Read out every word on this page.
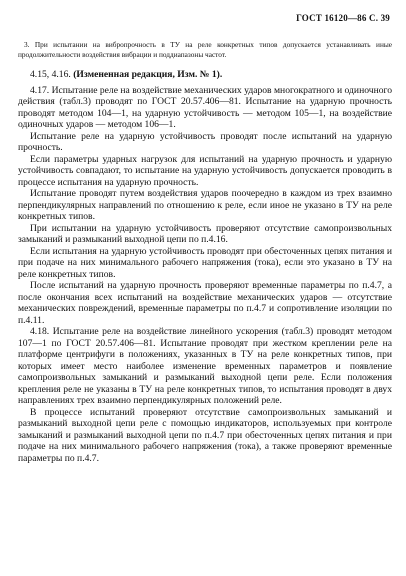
ГОСТ 16120—86 С. 39

3. При испытании на вибропрочность в ТУ на реле конкретных типов допускается устанавливать иные продолжительности воздействия вибрации и поддиапазоны частот.

4.15, 4.16. (Измененная редакция, Изм. № 1).

4.17. Испытание реле на воздействие механических ударов многократного и одиночного действия (табл.3) проводят по ГОСТ 20.57.406—81. Испытание на ударную прочность проводят методом 104—1, на ударную устойчивость — методом 105—1, на воздействие одиночных ударов — методом 106—1.

Испытание реле на ударную устойчивость проводят после испытаний на ударную прочность.

Если параметры ударных нагрузок для испытаний на ударную прочность и ударную устойчивость совпадают, то испытание на ударную устойчивость допускается проводить в процессе испытания на ударную прочность.

Испытание проводят путем воздействия ударов поочередно в каждом из трех взаимно перпендикулярных направлений по отношению к реле, если иное не указано в ТУ на реле конкретных типов.

При испытании на ударную устойчивость проверяют отсутствие самопроизвольных замыканий и размыканий выходной цепи по п.4.16.

Если испытания на ударную устойчивость проводят при обесточенных цепях питания и при подаче на них минимального рабочего напряжения (тока), если это указано в ТУ на реле конкретных типов.

После испытаний на ударную прочность проверяют временные параметры по п.4.7, а после окончания всех испытаний на воздействие механических ударов — отсутствие механических повреждений, временные параметры по п.4.7 и сопротивление изоляции по п.4.11.

4.18. Испытание реле на воздействие линейного ускорения (табл.3) проводят методом 107—1 по ГОСТ 20.57.406—81. Испытание проводят при жестком креплении реле на платформе центрифуги в положениях, указанных в ТУ на реле конкретных типов, при которых имеет место наиболее изменение временных параметров и появление самопроизвольных замыканий и размыканий выходной цепи реле. Если положения крепления реле не указаны в ТУ на реле конкретных типов, то испытания проводят в двух направлениях трех взаимно перпендикулярных положений реле.

В процессе испытаний проверяют отсутствие самопроизвольных замыканий и размыканий выходной цепи реле с помощью индикаторов, используемых при контроле замыканий и размыканий выходной цепи по п.4.7 при обесточенных цепях питания и при подаче на них минимального рабочего напряжения (тока), а также проверяют временные параметры по п.4.7.
